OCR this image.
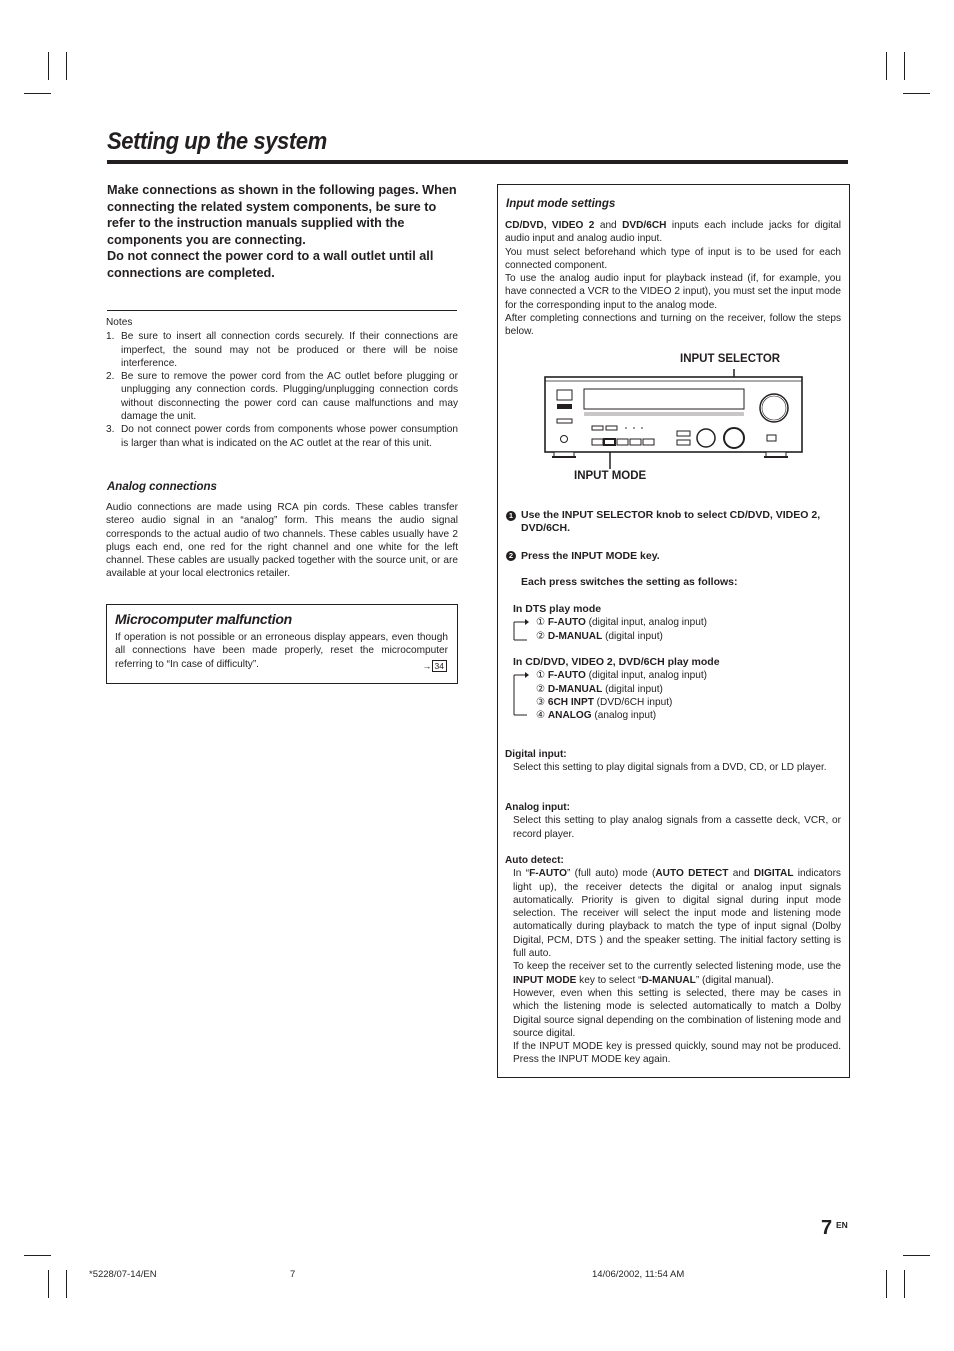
Setting up the system

Make connections as shown in the following pages. When connecting the related system components, be sure to refer to the instruction manuals supplied with the components you are connecting.

Do not connect the power cord to a wall outlet until all connections are completed.

Notes
1. Be sure to insert all connection cords securely. If their connections are imperfect, the sound may not be produced or there will be noise interference.
2. Be sure to remove the power cord from the AC outlet before plugging or unplugging any connection cords. Plugging/unplugging connection cords without disconnecting the power cord can cause malfunctions and may damage the unit.
3. Do not connect power cords from components whose power consumption is larger than what is indicated on the AC outlet at the rear of this unit.
Analog connections
Audio connections are made using RCA pin cords. These cables transfer stereo audio signal in an “analog” form. This means the audio signal corresponds to the actual audio of two channels. These cables usually have 2 plugs each end, one red for the right channel and one white for the left channel. These cables are usually packed together with the source unit, or are available at your local electronics retailer.
Microcomputer malfunction
If operation is not possible or an erroneous display appears, even though all connections have been made properly, reset the microcomputer referring to “In case of difficulty”.	→ 34
Input mode settings

CD/DVD, VIDEO 2 and DVD/6CH inputs each include jacks for digital audio input and analog audio input.

You must select beforehand which type of input is to be used for each connected component.

To use the analog audio input for playback instead (if, for example, you have connected a VCR to the VIDEO 2 input), you must set the input mode for the corresponding input to the analog mode.

After completing connections and turning on the receiver, follow the steps below.

INPUT SELECTOR
INPUT MODE
1 Use the INPUT SELECTOR knob to select CD/DVD, VIDEO 2, DVD/6CH.
2 Press the INPUT MODE key.
Each press switches the setting as follows:
In DTS play mode
① F-AUTO (digital input, analog input)
② D-MANUAL (digital input)
In CD/DVD, VIDEO 2, DVD/6CH play mode
① F-AUTO (digital input, analog input)
② D-MANUAL (digital input)
③ 6CH INPT (DVD/6CH input)
④ ANALOG (analog input)
Digital input:
Select this setting to play digital signals from a DVD, CD, or LD player.
Analog input:
Select this setting to play analog signals from a cassette deck, VCR, or record player.
Auto detect:

In “F-AUTO” (full auto) mode (AUTO DETECT and DIGITAL indicators light up), the receiver detects the digital or analog input signals automatically. Priority is given to digital signal during input mode selection. The receiver will select the input mode and listening mode automatically during playback to match the type of input signal (Dolby Digital, PCM, DTS ) and the speaker setting. The initial factory setting is full auto.

To keep the receiver set to the currently selected listening mode, use the INPUT MODE key to select “D-MANUAL” (digital manual).

However, even when this setting is selected, there may be cases in which the listening mode is selected automatically to match a Dolby Digital source signal depending on the combination of listening mode and source digital.

If the INPUT MODE key is pressed quickly, sound may not be produced. Press the INPUT MODE key again.

7 EN
*5228/07-14/EN	7	14/06/2002, 11:54 AM
